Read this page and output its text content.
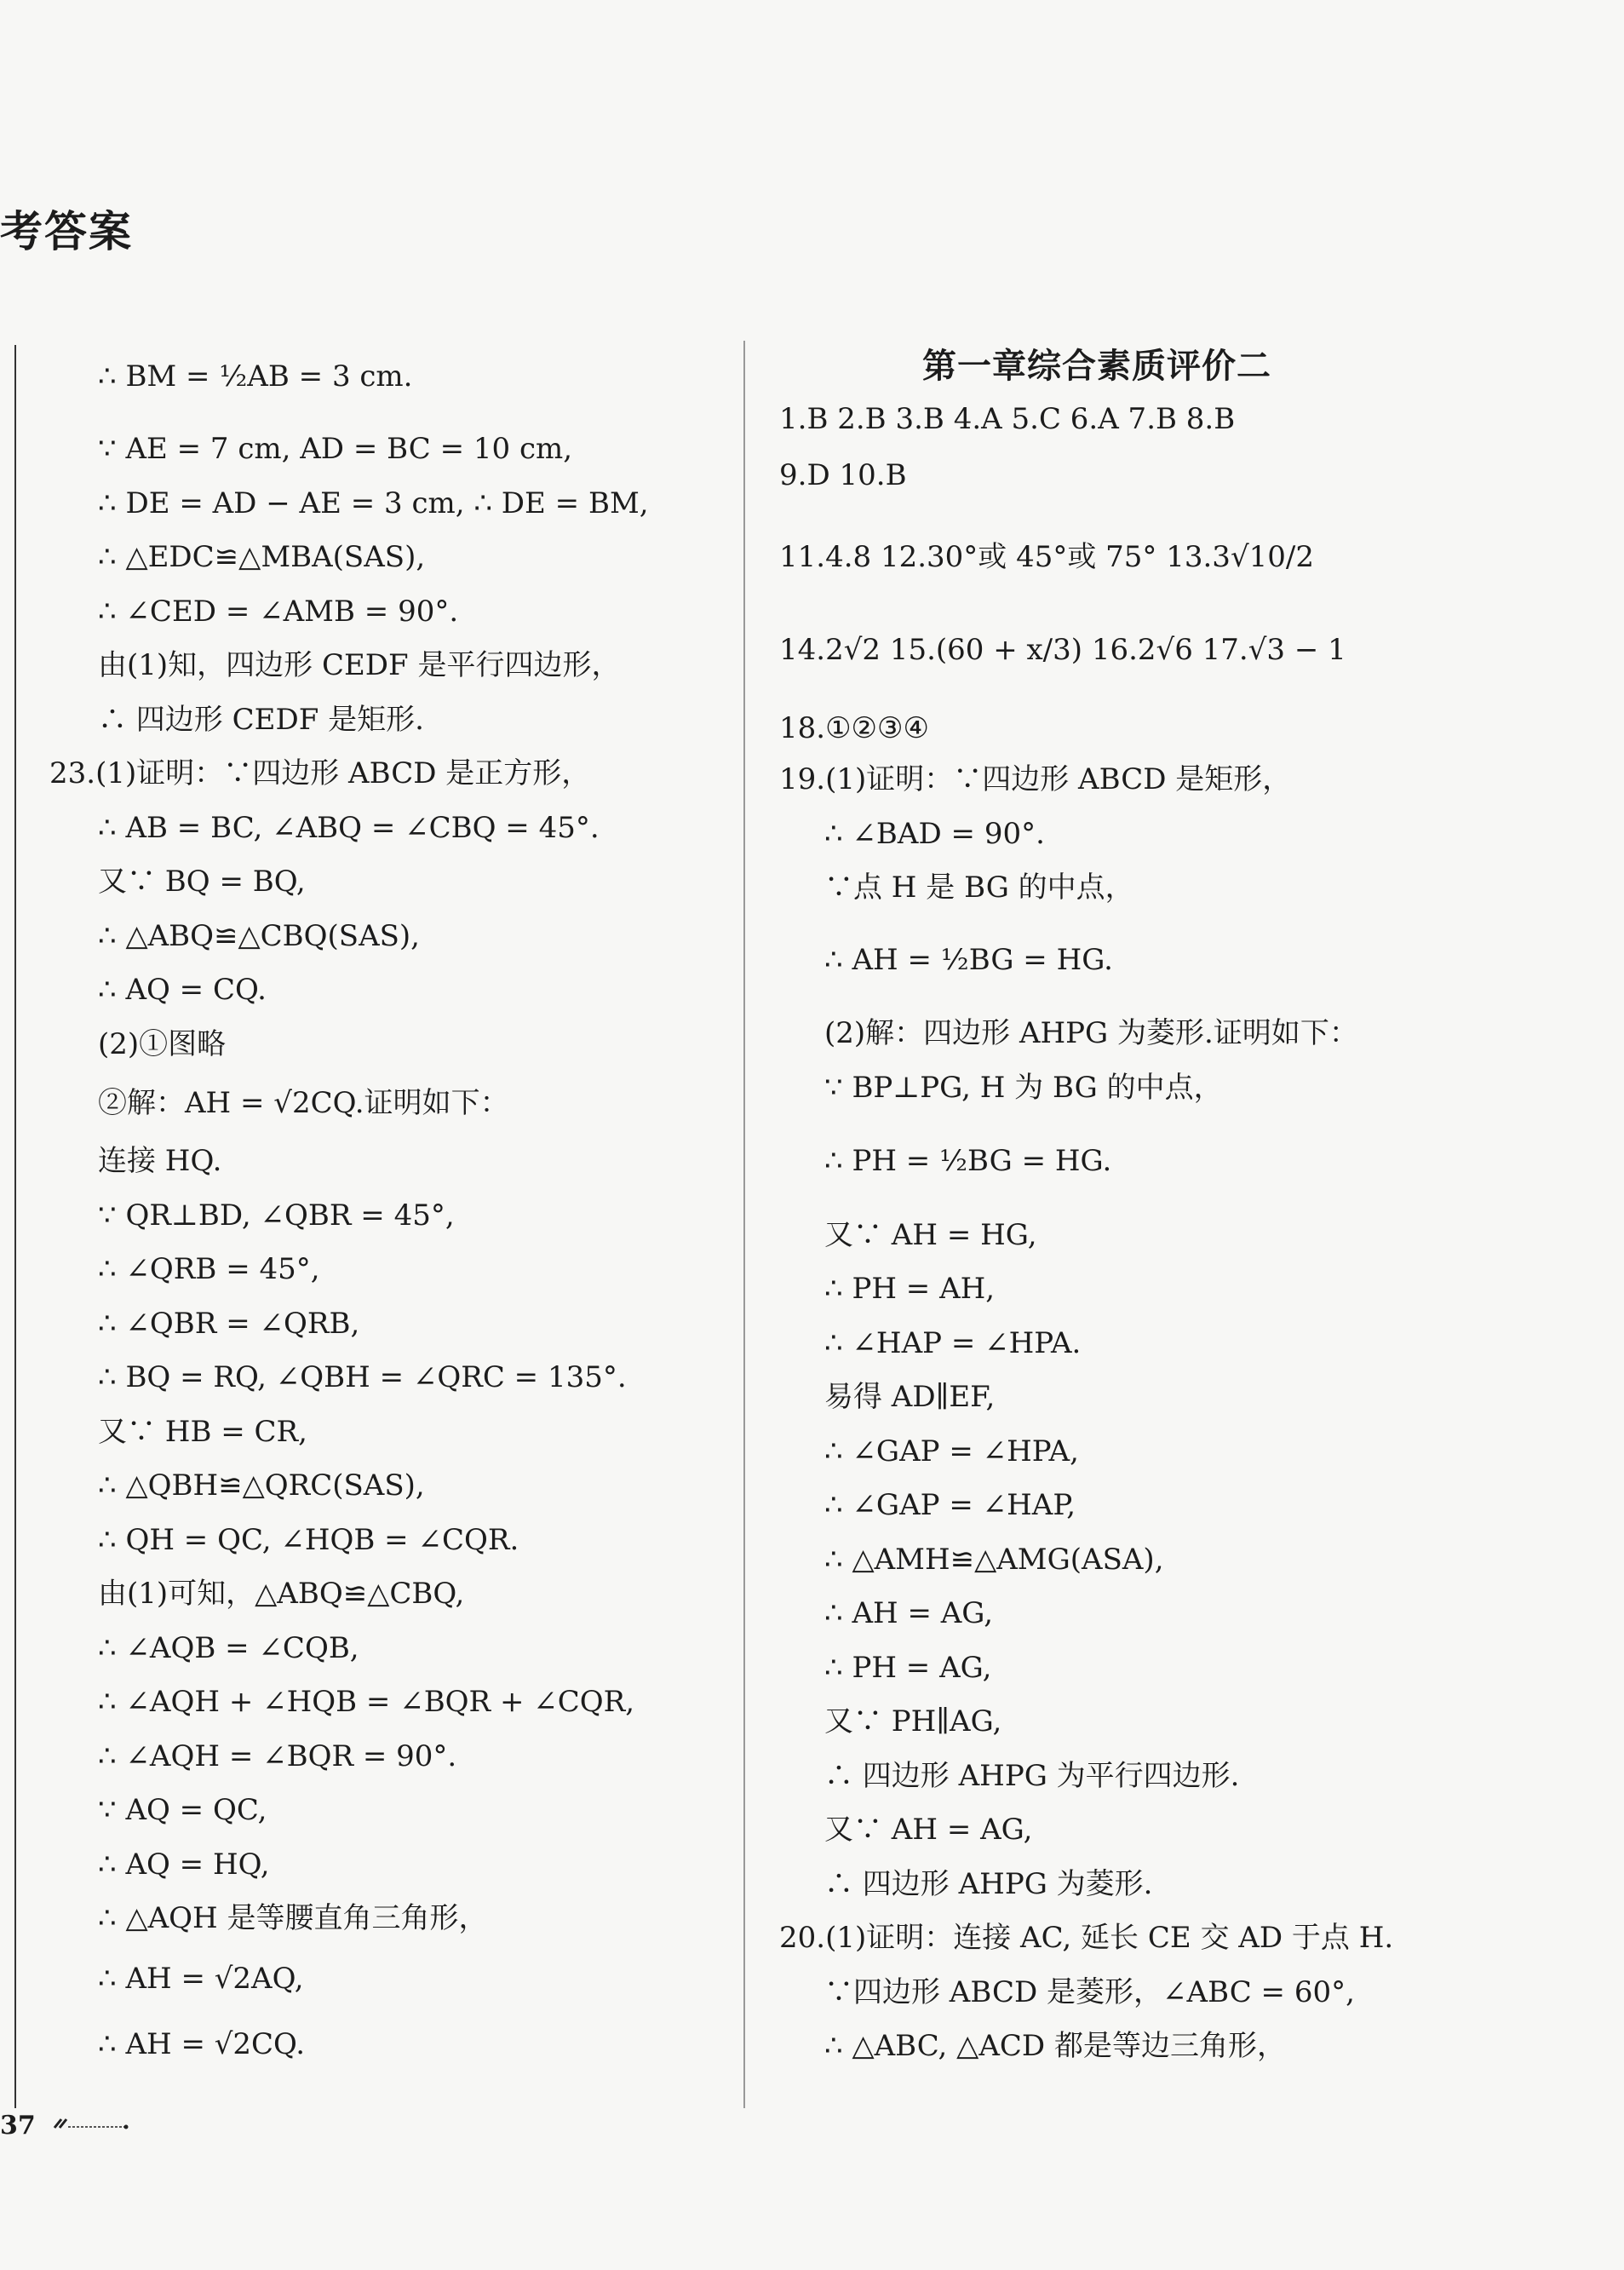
考答案
∴ BM = ½AB = 3 cm.
∵ AE = 7 cm, AD = BC = 10 cm,
∴ DE = AD − AE = 3 cm, ∴ DE = BM,
∴ △EDC≌△MBA(SAS),
∴ ∠CED = ∠AMB = 90°.
由(1)知，四边形 CEDF 是平行四边形，
∴ 四边形 CEDF 是矩形.
23.(1)证明：∵四边形 ABCD 是正方形，
∴ AB = BC, ∠ABQ = ∠CBQ = 45°.
又∵ BQ = BQ,
∴ △ABQ≌△CBQ(SAS),
∴ AQ = CQ.
(2)①图略
②解：AH = √2CQ.证明如下：
连接 HQ.
∵ QR⊥BD, ∠QBR = 45°,
∴ ∠QRB = 45°,
∴ ∠QBR = ∠QRB,
∴ BQ = RQ, ∠QBH = ∠QRC = 135°.
又∵ HB = CR,
∴ △QBH≌△QRC(SAS),
∴ QH = QC, ∠HQB = ∠CQR.
由(1)可知，△ABQ≌△CBQ,
∴ ∠AQB = ∠CQB,
∴ ∠AQH + ∠HQB = ∠BQR + ∠CQR,
∴ ∠AQH = ∠BQR = 90°.
∵ AQ = QC,
∴ AQ = HQ,
∴ △AQH 是等腰直角三角形，
∴ AH = √2AQ,
∴ AH = √2CQ.
第一章综合素质评价二
1.B 2.B 3.B 4.A 5.C 6.A 7.B 8.B
9.D 10.B
11.4.8 12.30°或 45°或 75° 13.3√10/2
14.2√2 15.(60 + x/3) 16.2√6 17.√3 − 1
18.①②③④
19.(1)证明：∵四边形 ABCD 是矩形，
∴ ∠BAD = 90°.
∵点 H 是 BG 的中点，
∴ AH = ½BG = HG.
(2)解：四边形 AHPG 为菱形.证明如下：
∵ BP⊥PG, H 为 BG 的中点，
∴ PH = ½BG = HG.
又∵ AH = HG,
∴ PH = AH,
∴ ∠HAP = ∠HPA.
易得 AD∥EF,
∴ ∠GAP = ∠HPA,
∴ ∠GAP = ∠HAP,
∴ △AMH≌△AMG(ASA),
∴ AH = AG,
∴ PH = AG,
又∵ PH∥AG,
∴ 四边形 AHPG 为平行四边形.
又∵ AH = AG,
∴ 四边形 AHPG 为菱形.
20.(1)证明：连接 AC, 延长 CE 交 AD 于点 H.
∵四边形 ABCD 是菱形，∠ABC = 60°,
∴ △ABC, △ACD 都是等边三角形，
37
